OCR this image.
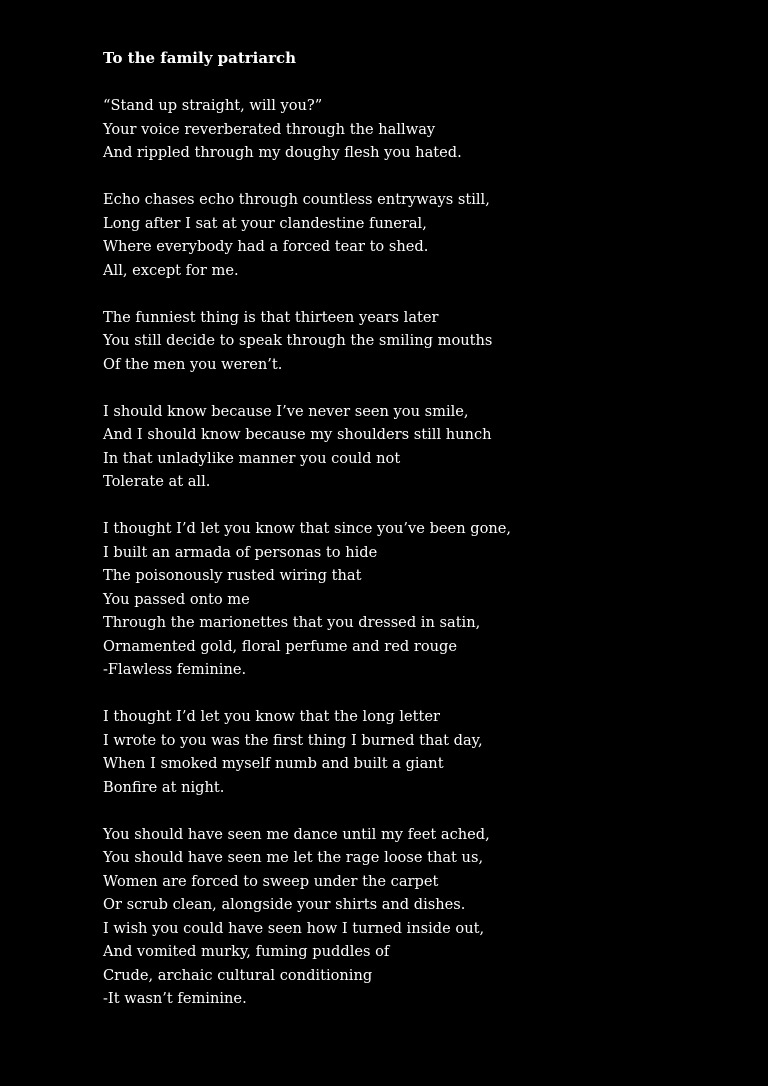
To the family patriarch
“Stand up straight, will you?”
Your voice reverberated through the hallway
And rippled through my doughy flesh you hated.
Echo chases echo through countless entryways still,
Long after I sat at your clandestine funeral,
Where everybody had a forced tear to shed.
All, except for me.
The funniest thing is that thirteen years later
You still decide to speak through the smiling mouths
Of the men you weren’t.
I should know because I’ve never seen you smile,
And I should know because my shoulders still hunch
In that unladylike manner you could not
Tolerate at all.
I thought I’d let you know that since you’ve been gone,
I built an armada of personas to hide
The poisonously rusted wiring that
You passed onto me
Through the marionettes that you dressed in satin,
Ornamented gold, floral perfume and red rouge
-Flawless feminine.
I thought I’d let you know that the long letter
I wrote to you was the first thing I burned that day,
When I smoked myself numb and built a giant
Bonfire at night.
You should have seen me dance until my feet ached,
You should have seen me let the rage loose that us,
Women are forced to sweep under the carpet
Or scrub clean, alongside your shirts and dishes.
I wish you could have seen how I turned inside out,
And vomited murky, fuming puddles of
Crude, archaic cultural conditioning
-It wasn’t feminine.
